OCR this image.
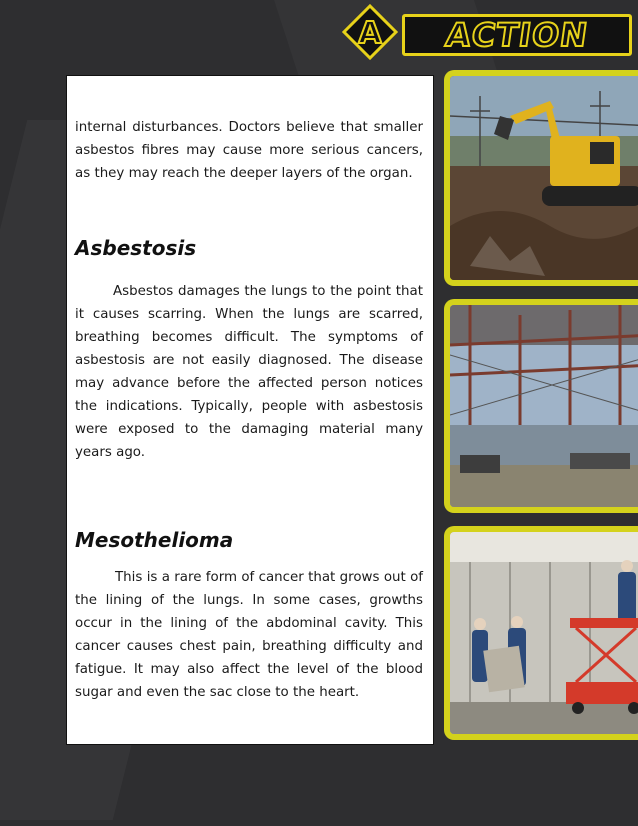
A ACTION

internal disturbances. Doctors believe that smaller asbestos fibres may cause more serious cancers, as they may reach the deeper layers of the organ.

Asbestosis

Asbestos damages the lungs to the point that it causes scarring. When the lungs are scarred, breathing becomes difficult. The symptoms of asbestosis are not easily diagnosed. The disease may advance before the affected person notices the indications. Typically, people with asbestosis were exposed to the damaging material many years ago.

Mesothelioma

This is a rare form of cancer that grows out of the lining of the lungs. In some cases, growths occur in the lining of the abdominal cavity. This cancer causes chest pain, breathing difficulty and fatigue. It may also affect the level of the blood sugar and even the sac close to the heart.
